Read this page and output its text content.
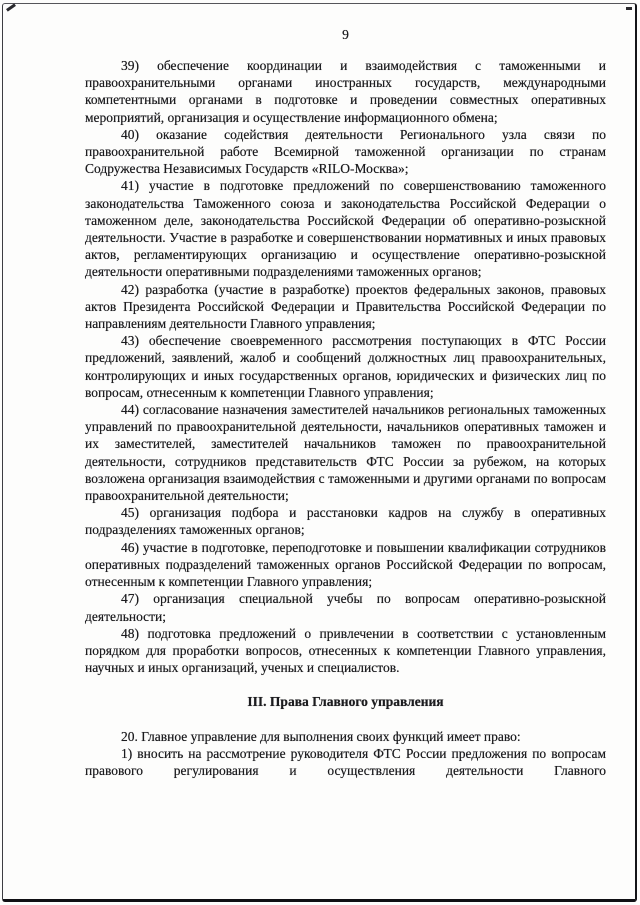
9

39) обеспечение координации и взаимодействия с таможенными и правоохранительными органами иностранных государств, международными компетентными органами в подготовке и проведении совместных оперативных мероприятий, организация и осуществление информационного обмена;

40) оказание содействия деятельности Регионального узла связи по правоохранительной работе Всемирной таможенной организации по странам Содружества Независимых Государств «RILO-Москва»;

41) участие в подготовке предложений по совершенствованию таможенного законодательства Таможенного союза и законодательства Российской Федерации о таможенном деле, законодательства Российской Федерации об оперативно-розыскной деятельности. Участие в разработке и совершенствовании нормативных и иных правовых актов, регламентирующих организацию и осуществление оперативно-розыскной деятельности оперативными подразделениями таможенных органов;

42) разработка (участие в разработке) проектов федеральных законов, правовых актов Президента Российской Федерации и Правительства Российской Федерации по направлениям деятельности Главного управления;

43) обеспечение своевременного рассмотрения поступающих в ФТС России предложений, заявлений, жалоб и сообщений должностных лиц правоохранительных, контролирующих и иных государственных органов, юридических и физических лиц по вопросам, отнесенным к компетенции Главного управления;

44) согласование назначения заместителей начальников региональных таможенных управлений по правоохранительной деятельности, начальников оперативных таможен и их заместителей, заместителей начальников таможен по правоохранительной деятельности, сотрудников представительств ФТС России за рубежом, на которых возложена организация взаимодействия с таможенными и другими органами по вопросам правоохранительной деятельности;

45) организация подбора и расстановки кадров на службу в оперативных подразделениях таможенных органов;

46) участие в подготовке, переподготовке и повышении квалификации сотрудников оперативных подразделений таможенных органов Российской Федерации по вопросам, отнесенным к компетенции Главного управления;

47) организация специальной учебы по вопросам оперативно-розыскной деятельности;

48) подготовка предложений о привлечении в соответствии с установленным порядком для проработки вопросов, отнесенных к компетенции Главного управления, научных и иных организаций, ученых и специалистов.

III. Права Главного управления

20. Главное управление для выполнения своих функций имеет право:

1) вносить на рассмотрение руководителя ФТС России предложения по вопросам правового регулирования и осуществления деятельности Главного
